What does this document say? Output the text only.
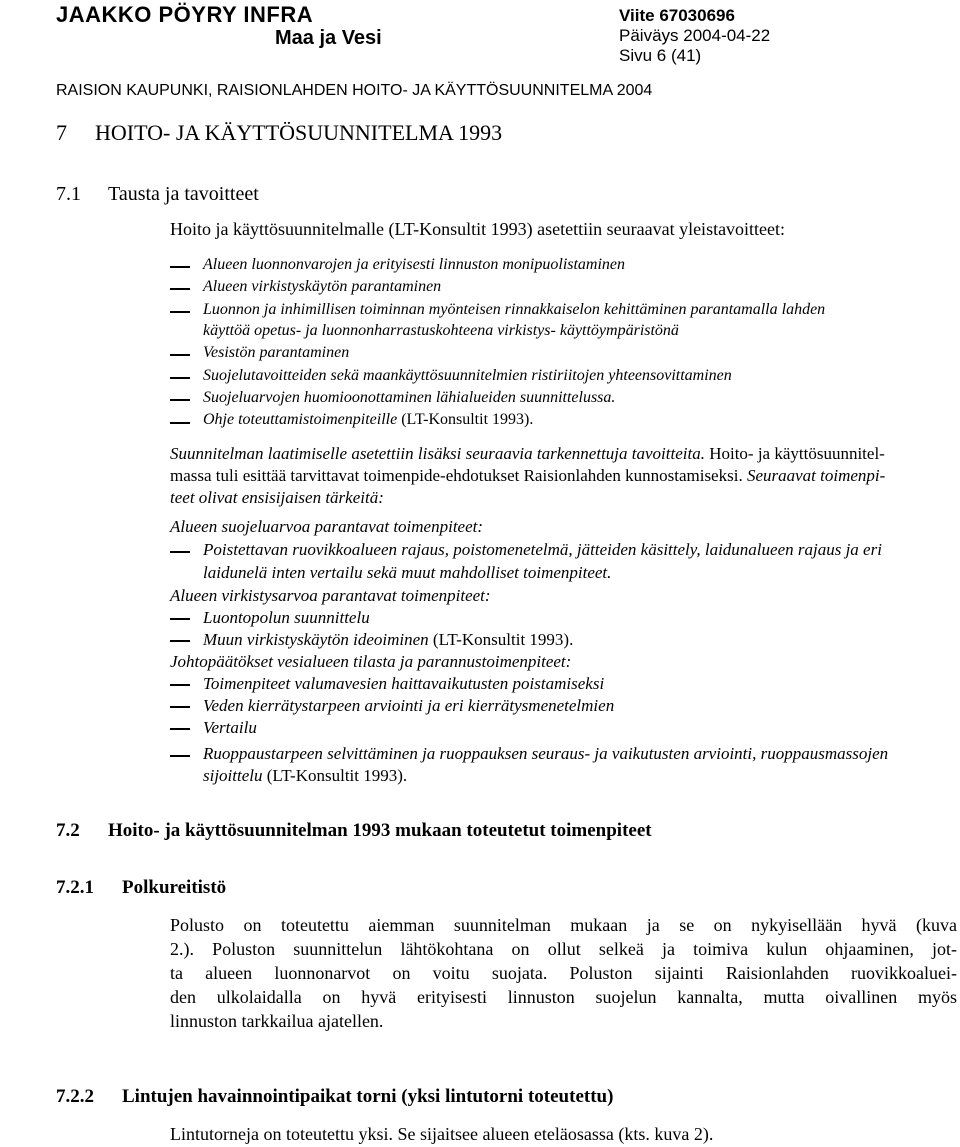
JAAKKO PÖYRY INFRA
Maa ja Vesi
Viite 67030696
Päiväys 2004-04-22
Sivu 6 (41)
RAISION KAUPUNKI, RAISIONLAHDEN HOITO- JA KÄYTTÖSUUNNITELMA 2004
7 HOITO- JA KÄYTTÖSUUNNITELMA 1993
7.1 Tausta ja tavoitteet
Hoito ja käyttösuunnitelmalle (LT-Konsultit 1993) asetettiin seuraavat yleistavoitteet:
Alueen luonnonvarojen ja erityisesti linnuston monipuolistaminen
Alueen virkistyskäytön parantaminen
Luonnon ja inhimillisen toiminnan myönteisen rinnakkaiselon kehittäminen parantamalla lahden
käyttöä opetus- ja luonnonharrastuskohteena virkistys- käyttöympäristönä
Vesistön parantaminen
Suojelutavoitteiden sekä maankäyttösuunnitelmien ristiriitojen yhteensovittaminen
Suojeluarvojen huomioonottaminen lähialueiden suunnittelussa.
Ohje toteuttamistoimenpiteille (LT-Konsultit 1993).
Suunnitelman laatimiselle asetettiin lisäksi seuraavia tarkennettuja tavoitteita. Hoito- ja käyttösuunnitel-
massa tuli esittää tarvittavat toimenpide-ehdotukset Raisionlahden kunnostamiseksi. Seuraavat toimenpi-
teet olivat ensisijaisen tärkeitä:
Alueen suojeluarvoa parantavat toimenpiteet:
Poistettavan ruovikkoalueen rajaus, poistomenetelmä, jätteiden käsittely, laidunalueen rajaus ja eri
laidunelä inten vertailu sekä muut mahdolliset toimenpiteet.
Alueen virkistysarvoa parantavat toimenpiteet:
Luontopolun suunnittelu
Muun virkistyskäytön ideoiminen (LT-Konsultit 1993).
Johtopäätökset vesialueen tilasta ja parannustoimenpiteet:
Toimenpiteet valumavesien haittavaikutusten poistamiseksi
Veden kierrätystarpeen arviointi ja eri kierrätysmenetelmien
Vertailu
Ruoppaustarpeen selvittäminen ja ruoppauksen seuraus- ja vaikutusten arviointi, ruoppausmassojen
sijoittelu (LT-Konsultit 1993).
7.2 Hoito- ja käyttösuunnitelman 1993 mukaan toteutetut toimenpiteet
7.2.1 Polkureitistö
Polusto on toteutettu aiemman suunnitelman mukaan ja se on nykyisellään hyvä (kuva
2.). Poluston suunnittelun lähtökohtana on ollut selkeä ja toimiva kulun ohjaaminen, jot-
ta alueen luonnonarvot on voitu suojata. Poluston sijainti Raisionlahden ruovikkoaluei-
den ulkolaidalla on hyvä erityisesti linnuston suojelun kannalta, mutta oivallinen myös
linnuston tarkkailua ajatellen.
7.2.2 Lintujen havainnointipaikat torni (yksi lintutorni toteutettu)
Lintutorneja on toteutettu yksi. Se sijaitsee alueen eteläosassa (kts. kuva 2).
